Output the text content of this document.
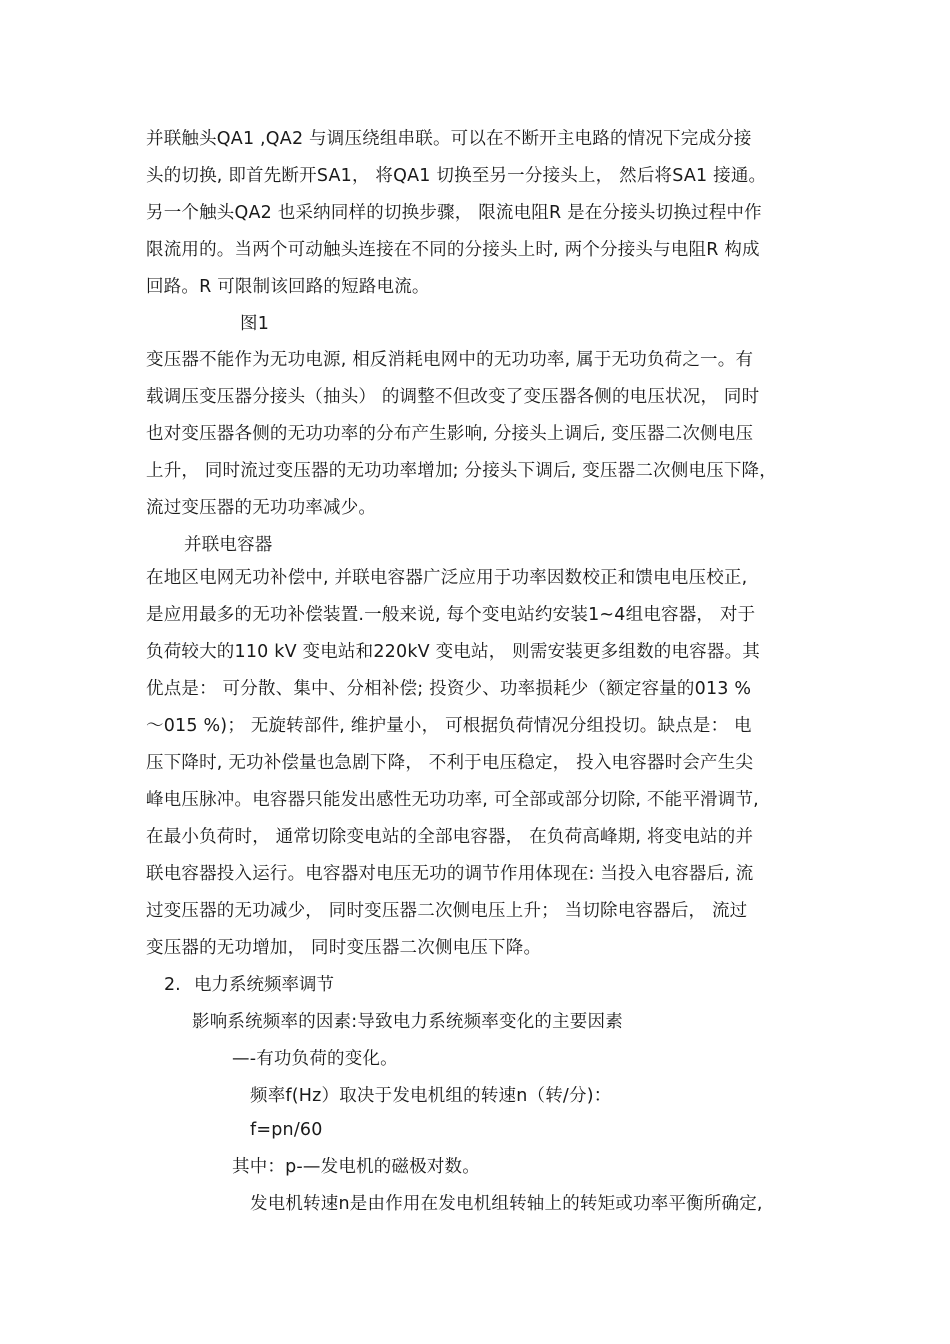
并联触头QA1 ,QA2 与调压绕组串联。可以在不断开主电路的情况下完成分接
头的切换, 即首先断开SA1， 将QA1 切换至另一分接头上， 然后将SA1 接通。
另一个触头QA2 也采纳同样的切换步骤， 限流电阻R 是在分接头切换过程中作
限流用的。当两个可动触头连接在不同的分接头上时, 两个分接头与电阻R 构成
回路。R 可限制该回路的短路电流。
图1
变压器不能作为无功电源, 相反消耗电网中的无功功率, 属于无功负荷之一。有
载调压变压器分接头（抽头） 的调整不但改变了变压器各侧的电压状况， 同时
也对变压器各侧的无功功率的分布产生影响, 分接头上调后, 变压器二次侧电压
上升， 同时流过变压器的无功功率增加; 分接头下调后, 变压器二次侧电压下降，
流过变压器的无功功率减少。
并联电容器
在地区电网无功补偿中, 并联电容器广泛应用于功率因数校正和馈电电压校正,
是应用最多的无功补偿装置.一般来说, 每个变电站约安装1~4组电容器， 对于
负荷较大的110 kV 变电站和220kV 变电站， 则需安装更多组数的电容器。其
优点是： 可分散、集中、分相补偿; 投资少、功率损耗少（额定容量的013 %
～015 %)； 无旋转部件, 维护量小， 可根据负荷情况分组投切。缺点是： 电
压下降时, 无功补偿量也急剧下降， 不利于电压稳定， 投入电容器时会产生尖
峰电压脉冲。电容器只能发出感性无功功率, 可全部或部分切除, 不能平滑调节,
在最小负荷时， 通常切除变电站的全部电容器， 在负荷高峰期, 将变电站的并
联电容器投入运行。电容器对电压无功的调节作用体现在: 当投入电容器后, 流
过变压器的无功减少， 同时变压器二次侧电压上升； 当切除电容器后， 流过
变压器的无功增加， 同时变压器二次侧电压下降。
2. 电力系统频率调节
影响系统频率的因素:导致电力系统频率变化的主要因素
—-有功负荷的变化。
频率f(Hz）取决于发电机组的转速n（转/分)：
f=pn/60
其中：p-—发电机的磁极对数。
发电机转速n是由作用在发电机组转轴上的转矩或功率平衡所确定,
